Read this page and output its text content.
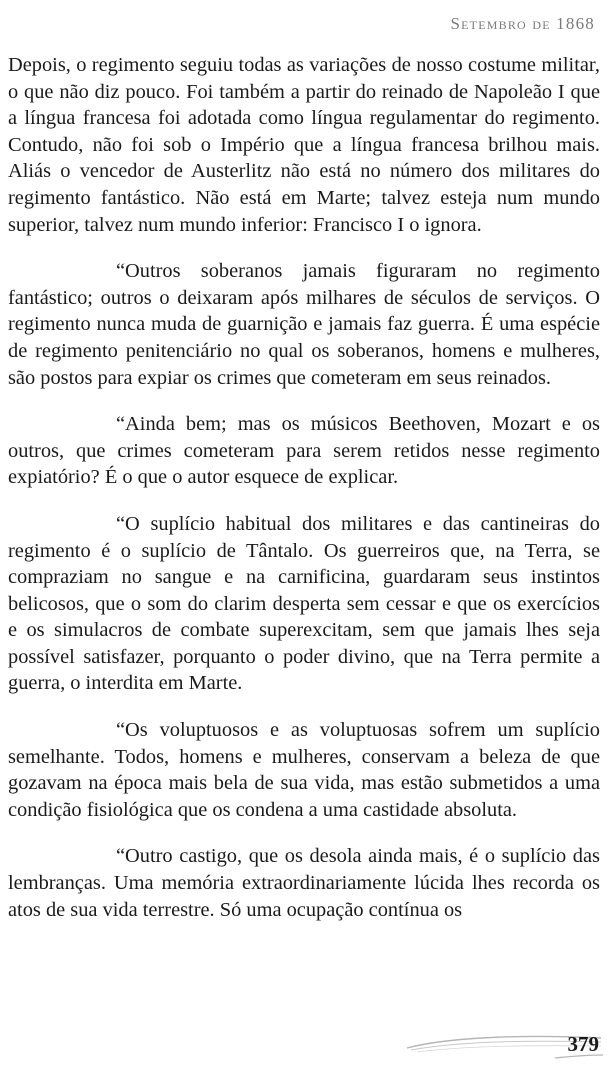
Setembro de 1868

Depois, o regimento seguiu todas as variações de nosso costume militar, o que não diz pouco. Foi também a partir do reinado de Napoleão I que a língua francesa foi adotada como língua regulamentar do regimento. Contudo, não foi sob o Império que a língua francesa brilhou mais. Aliás o vencedor de Austerlitz não está no número dos militares do regimento fantástico. Não está em Marte; talvez esteja num mundo superior, talvez num mundo inferior: Francisco I o ignora.

“Outros soberanos jamais figuraram no regimento fantástico; outros o deixaram após milhares de séculos de serviços. O regimento nunca muda de guarnição e jamais faz guerra. É uma espécie de regimento penitenciário no qual os soberanos, homens e mulheres, são postos para expiar os crimes que cometeram em seus reinados.

“Ainda bem; mas os músicos Beethoven, Mozart e os outros, que crimes cometeram para serem retidos nesse regimento expiatório? É o que o autor esquece de explicar.

“O suplício habitual dos militares e das cantineiras do regimento é o suplício de Tântalo. Os guerreiros que, na Terra, se compraziam no sangue e na carnificina, guardaram seus instintos belicosos, que o som do clarim desperta sem cessar e que os exercícios e os simulacros de combate superexcitam, sem que jamais lhes seja possível satisfazer, porquanto o poder divino, que na Terra permite a guerra, o interdita em Marte.

“Os voluptuosos e as voluptuosas sofrem um suplício semelhante. Todos, homens e mulheres, conservam a beleza de que gozavam na época mais bela de sua vida, mas estão submetidos a uma condição fisiológica que os condena a uma castidade absoluta.

“Outro castigo, que os desola ainda mais, é o suplício das lembranças. Uma memória extraordinariamente lúcida lhes recorda os atos de sua vida terrestre. Só uma ocupação contínua os

379
